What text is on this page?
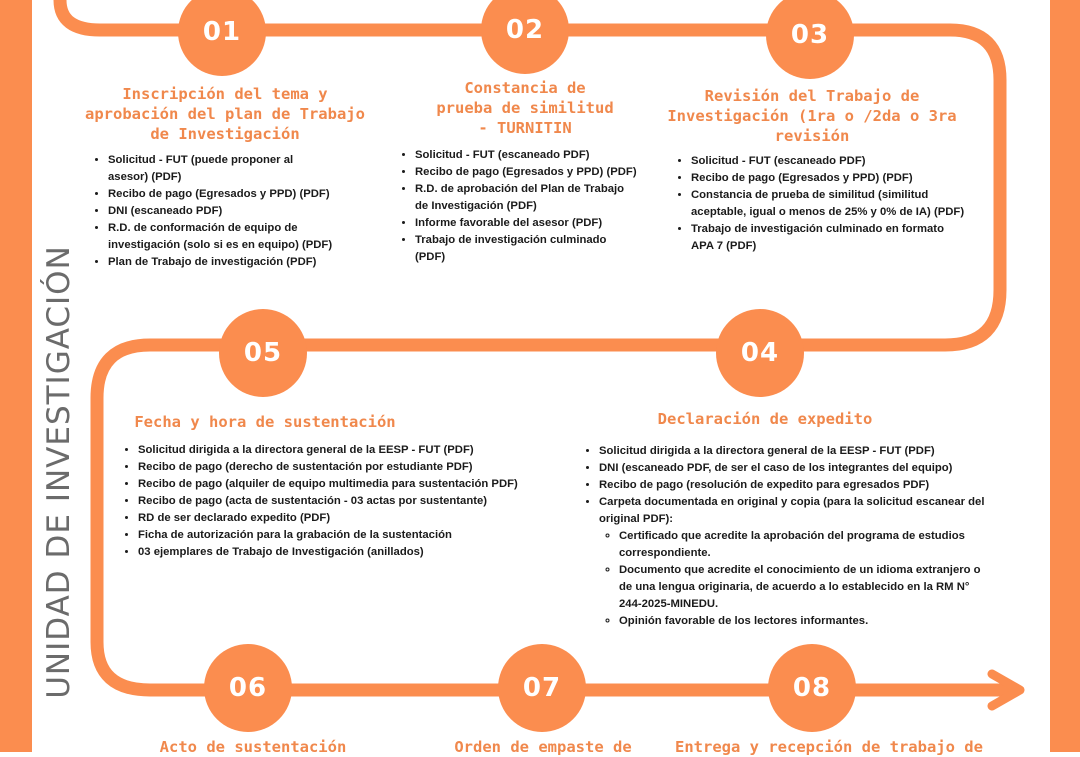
UNIDAD DE INVESTIGACIÓN
01	02	03
04
05
06	07	08
Inscripción del tema y
aprobación del plan de Trabajo
de Investigación
• Solicitud - FUT (puede proponer al
asesor) (PDF)
• Recibo de pago (Egresados y PPD) (PDF)
• DNI (escaneado PDF)
• R.D. de conformación de equipo de
investigación (solo si es en equipo) (PDF)
• Plan de Trabajo de investigación (PDF)
Constancia de
prueba de similitud
- TURNITIN
• Solicitud - FUT (escaneado PDF)
• Recibo de pago (Egresados y PPD) (PDF)
• R.D. de aprobación del Plan de Trabajo
de Investigación (PDF)
• Informe favorable del asesor (PDF)
• Trabajo de investigación culminado
(PDF)
Revisión del Trabajo de
Investigación (1ra o /2da o 3ra
revisión
• Solicitud - FUT (escaneado PDF)
• Recibo de pago (Egresados y PPD) (PDF)
• Constancia de prueba de similitud (similitud
aceptable, igual o menos de 25% y 0% de IA) (PDF)
• Trabajo de investigación culminado en formato
APA 7 (PDF)
Fecha y hora de sustentación
• Solicitud dirigida a la directora general de la EESP - FUT (PDF)
• Recibo de pago (derecho de sustentación por estudiante PDF)
• Recibo de pago (alquiler de equipo multimedia para sustentación PDF)
• Recibo de pago (acta de sustentación - 03 actas por sustentante)
• RD de ser declarado expedito (PDF)
• Ficha de autorización para la grabación de la sustentación
• 03 ejemplares de Trabajo de Investigación (anillados)
Declaración de expedito
• Solicitud dirigida a la directora general de la EESP - FUT (PDF)
• DNI (escaneado PDF, de ser el caso de los integrantes del equipo)
• Recibo de pago (resolución de expedito para egresados PDF)
• Carpeta documentada en original y copia (para la solicitud escanear del
original PDF):
◦ Certificado que acredite la aprobación del programa de estudios
correspondiente.
◦ Documento que acredite el conocimiento de un idioma extranjero o
de una lengua originaria, de acuerdo a lo establecido en la RM N°
244-2025-MINEDU.
◦ Opinión favorable de los lectores informantes.
Acto de sustentación	Orden de empaste de	Entrega y recepción de trabajo de
